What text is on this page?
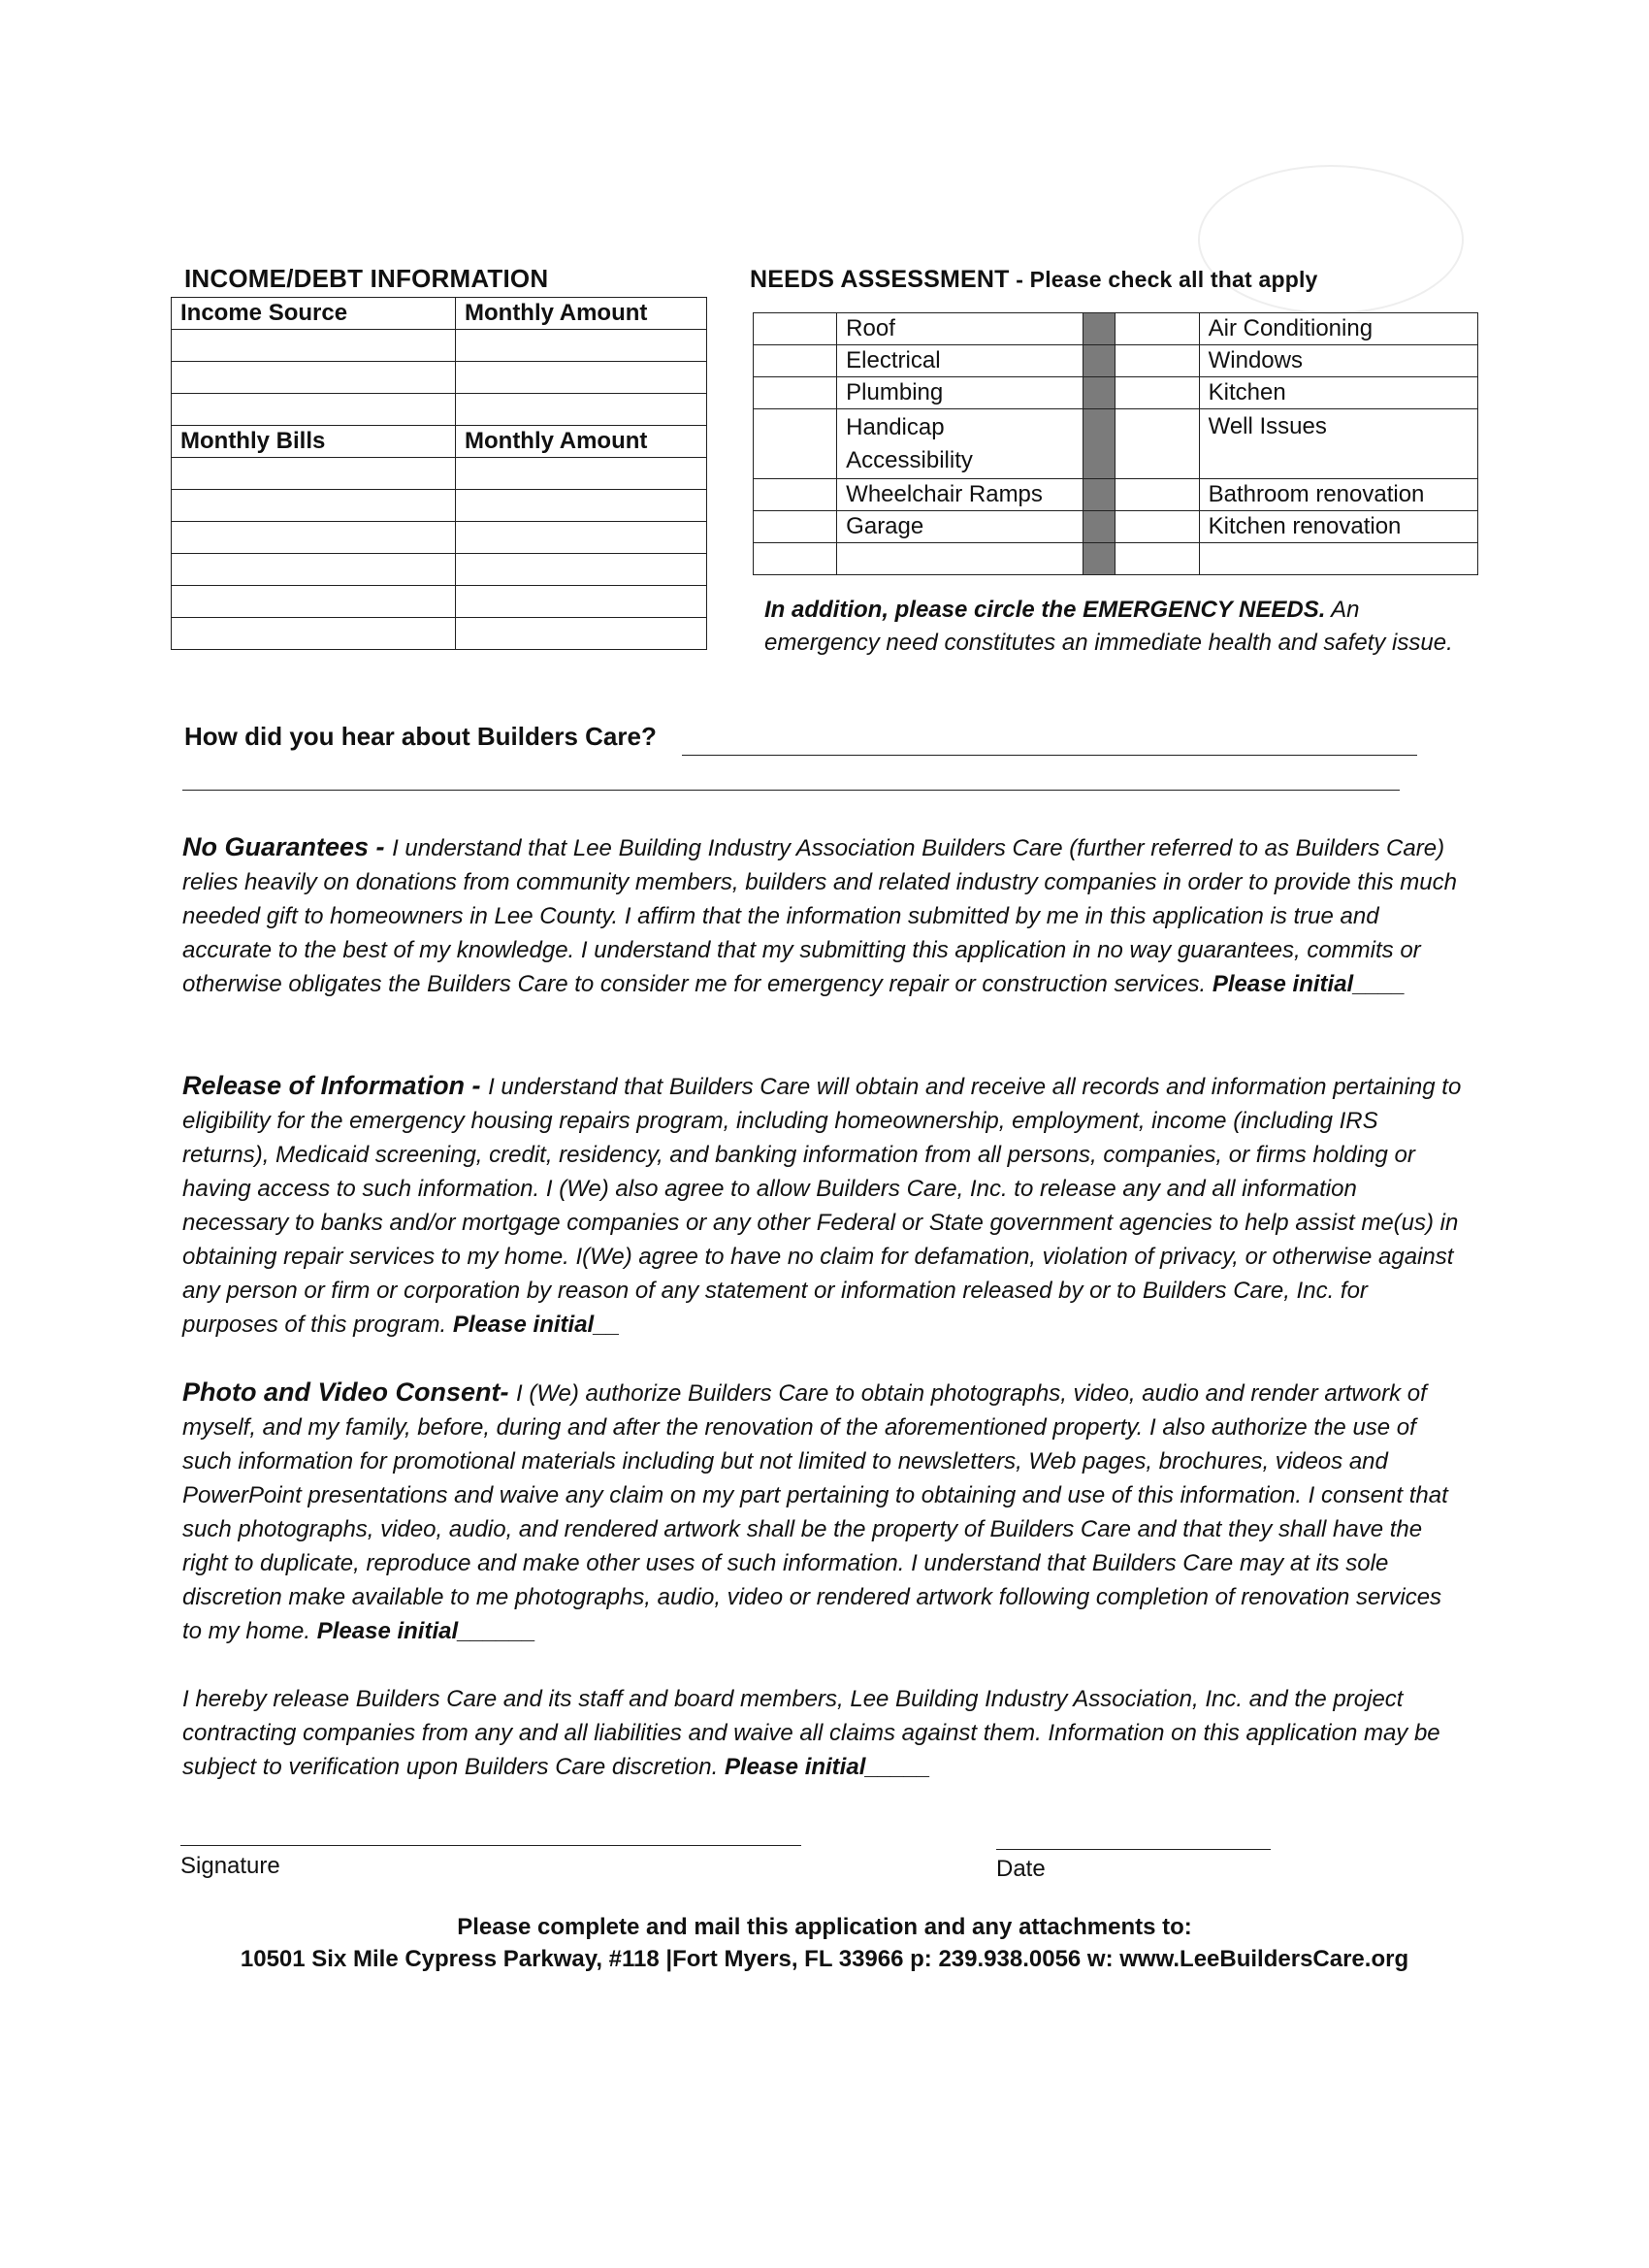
INCOME/DEBT INFORMATION
Income Source	Monthly Amount

Monthly Bills	Monthly Amount

NEEDS ASSESSMENT - Please check all that apply
	Roof			Air Conditioning
	Electrical			Windows
	Plumbing			Kitchen
	Handicap Accessibility			Well Issues
	Wheelchair Ramps			Bathroom renovation
	Garage			Kitchen renovation

In addition, please circle the EMERGENCY NEEDS. An emergency need constitutes an immediate health and safety issue.
How did you hear about Builders Care?
No Guarantees - I understand that Lee Building Industry Association Builders Care (further referred to as Builders Care) relies heavily on donations from community members, builders and related industry companies in order to provide this much needed gift to homeowners in Lee County. I affirm that the information submitted by me in this application is true and accurate to the best of my knowledge. I understand that my submitting this application in no way guarantees, commits or otherwise obligates the Builders Care to consider me for emergency repair or construction services. Please initial____
Release of Information - I understand that Builders Care will obtain and receive all records and information pertaining to eligibility for the emergency housing repairs program, including homeownership, employment, income (including IRS returns), Medicaid screening, credit, residency, and banking information from all persons, companies, or firms holding or having access to such information. I (We) also agree to allow Builders Care, Inc. to release any and all information necessary to banks and/or mortgage companies or any other Federal or State government agencies to help assist me(us) in obtaining repair services to my home. I(We) agree to have no claim for defamation, violation of privacy, or otherwise against any person or firm or corporation by reason of any statement or information released by or to Builders Care, Inc. for purposes of this program. Please initial__
Photo and Video Consent- I (We) authorize Builders Care to obtain photographs, video, audio and render artwork of myself, and my family, before, during and after the renovation of the aforementioned property. I also authorize the use of such information for promotional materials including but not limited to newsletters, Web pages, brochures, videos and PowerPoint presentations and waive any claim on my part pertaining to obtaining and use of this information. I consent that such photographs, video, audio, and rendered artwork shall be the property of Builders Care and that they shall have the right to duplicate, reproduce and make other uses of such information. I understand that Builders Care may at its sole discretion make available to me photographs, audio, video or rendered artwork following completion of renovation services to my home. Please initial______
I hereby release Builders Care and its staff and board members, Lee Building Industry Association, Inc. and the project contracting companies from any and all liabilities and waive all claims against them. Information on this application may be subject to verification upon Builders Care discretion. Please initial_____
Signature	Date
Please complete and mail this application and any attachments to:
10501 Six Mile Cypress Parkway, #118 |Fort Myers, FL 33966 p: 239.938.0056 w: www.LeeBuildersCare.org
